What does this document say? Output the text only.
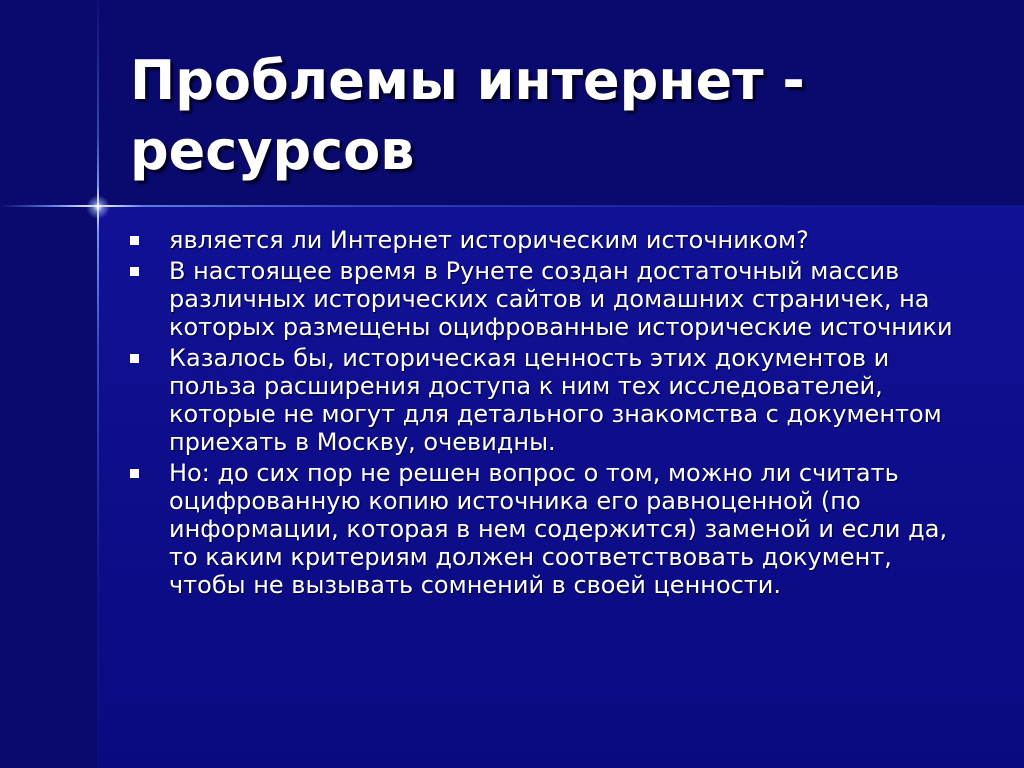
Проблемы интернет - ресурсов
является ли Интернет историческим источником?
В настоящее время в Рунете создан достаточный массив различных исторических сайтов и домашних страничек, на которых размещены оцифрованные исторические источники
Казалось бы, историческая ценность этих документов и польза расширения доступа к ним тех исследователей, которые не могут для детального знакомства с документом приехать в Москву, очевидны.
Но: до сих пор не решен вопрос о том, можно ли считать оцифрованную копию источника его равноценной (по информации, которая в нем содержится) заменой и если да, то каким критериям должен соответствовать документ, чтобы не вызывать сомнений в своей ценности.
